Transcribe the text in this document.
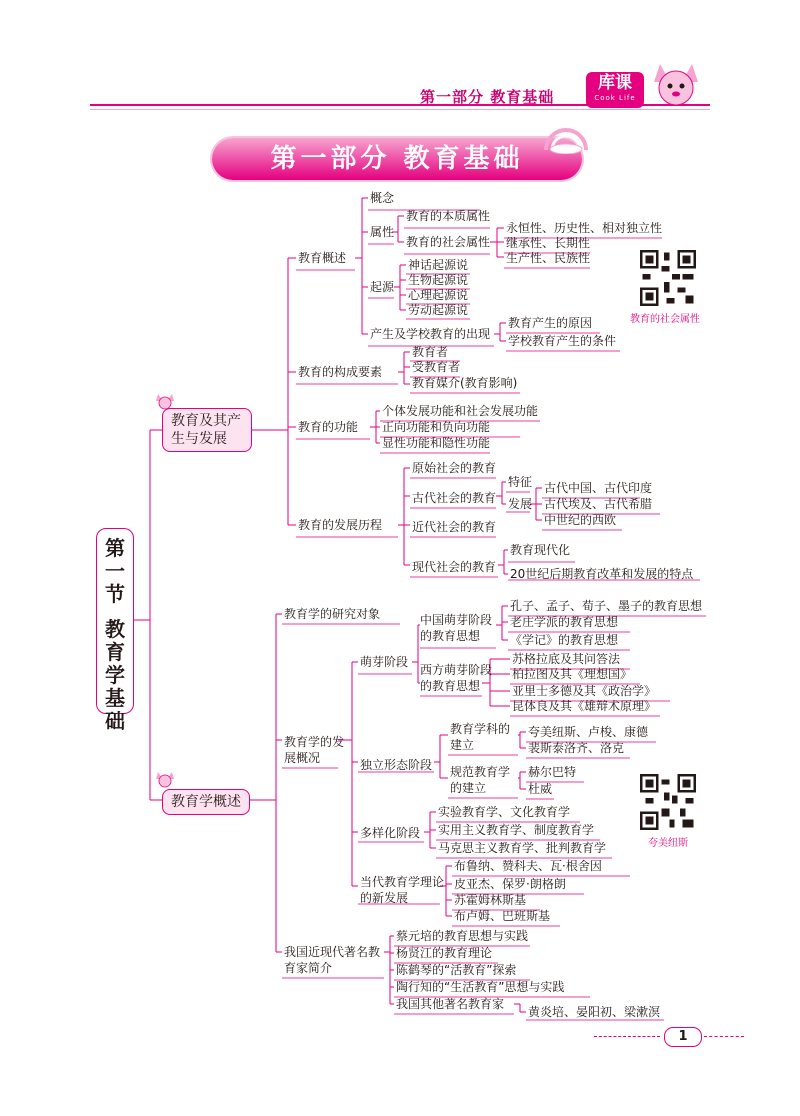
第一部分 教育基础
库课
Cook Life
第一部分 教育基础
第
一
节
教
育
学
基
础
教育及其产生与发展
教育学概述
教育概述
概念
属性
教育的本质属性
教育的社会属性
永恒性、历史性、相对独立性
继承性、长期性
生产性、民族性
起源
神话起源说
生物起源说
心理起源说
劳动起源说
产生及学校教育的出现
教育产生的原因
学校教育产生的条件
教育的构成要素
教育者
受教育者
教育媒介(教育影响)
教育的功能
个体发展功能和社会发展功能
正向功能和负向功能
显性功能和隐性功能
教育的发展历程
原始社会的教育
古代社会的教育
特征
发展
古代中国、古代印度
古代埃及、古代希腊
中世纪的西欧
近代社会的教育
现代社会的教育
教育现代化
20世纪后期教育改革和发展的特点
教育学的研究对象
教育学的发展概况
萌芽阶段
中国萌芽阶段的教育思想
孔子、孟子、荀子、墨子的教育思想
老庄学派的教育思想
《学记》的教育思想
西方萌芽阶段的教育思想
苏格拉底及其问答法
柏拉图及其《理想国》
亚里士多德及其《政治学》
昆体良及其《雄辩术原理》
独立形态阶段
教育学科的建立
夸美纽斯、卢梭、康德
裴斯泰洛齐、洛克
规范教育学的建立
赫尔巴特
杜威
多样化阶段
实验教育学、文化教育学
实用主义教育学、制度教育学
马克思主义教育学、批判教育学
当代教育学理论的新发展
布鲁纳、赞科夫、瓦·根舍因
皮亚杰、保罗·朗格朗
苏霍姆林斯基
布卢姆、巴班斯基
我国近现代著名教育家简介
蔡元培的教育思想与实践
杨贤江的教育理论
陈鹤琴的“活教育”探索
陶行知的“生活教育”思想与实践
我国其他著名教育家
黄炎培、晏阳初、梁漱溟
教育的社会属性
夸美纽斯
1
